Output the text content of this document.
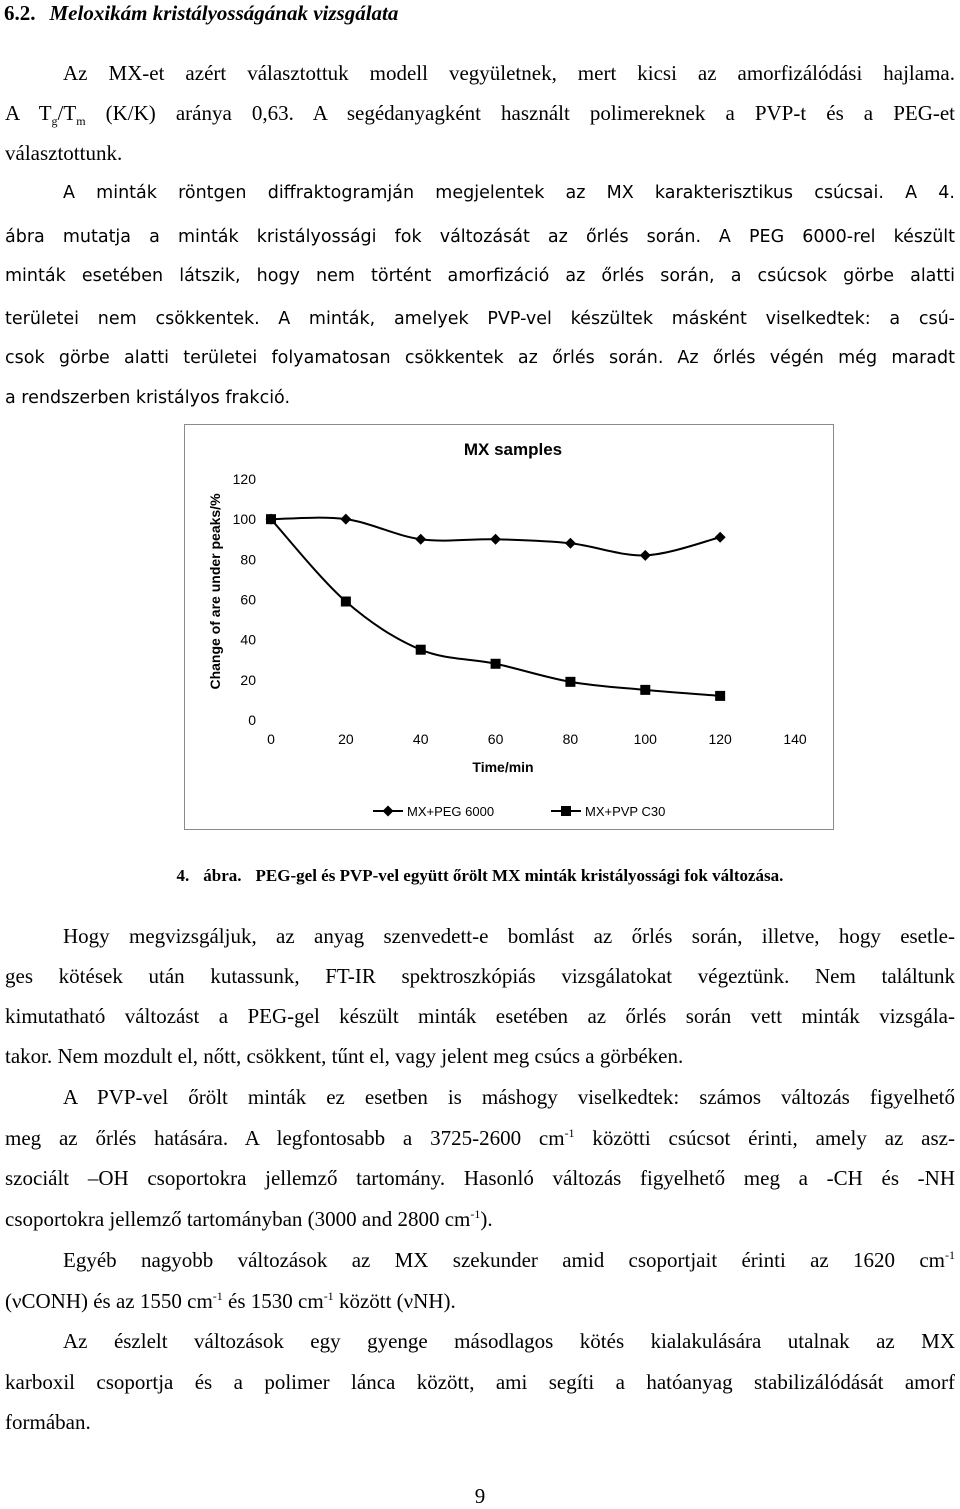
6.2. Meloxikám kristályosságának vizsgálata

Az MX-et azért választottuk modell vegyületnek, mert kicsi az amorfizálódási hajlama.

A $T_g/T_m$ (K/K) aránya 0,63. A segédanyagként használt polimereknek a PVP-t és a PEG-et

választottunk.

A minták röntgen diffraktogramján megjelentek az MX karakterisztikus csúcsai. A 4.

ábra mutatja a minták kristályossági fok változását az őrlés során. A PEG 6000-rel készült

minták esetében látszik, hogy nem történt amorfizáció az őrlés során, a csúcsok görbe alatti

területei nem csökkentek. A minták, amelyek PVP-vel készültek másként viselkedtek: a csú-

csok görbe alatti területei folyamatosan csökkentek az őrlés során. Az őrlés végén még maradt

a rendszerben kristályos frakció.

MX samples
0
20
40
60
80
100
120
0	20	40	60	80	100	120	140
Time/min
Change of are under peaks/%
MX+PEG 6000	MX+PVP C30
4. ábra. PEG-gel és PVP-vel együtt őrölt MX minták kristályossági fok változása.

Hogy megvizsgáljuk, az anyag szenvedett-e bomlást az őrlés során, illetve, hogy esetle-

ges kötések után kutassunk, FT-IR spektroszkópiás vizsgálatokat végeztünk. Nem találtunk

kimutatható változást a PEG-gel készült minták esetében az őrlés során vett minták vizsgála-

takor. Nem mozdult el, nőtt, csökkent, tűnt el, vagy jelent meg csúcs a görbéken.

A PVP-vel őrölt minták ez esetben is máshogy viselkedtek: számos változás figyelhető

meg az őrlés hatására. A legfontosabb a 3725-2600 $cm^{-1}$ közötti csúcsot érinti, amely az asz-

szociált –OH csoportokra jellemző tartomány. Hasonló változás figyelhető meg a -CH és -NH

csoportokra jellemző tartományban (3000 and 2800 $cm^{-1}$).

Egyéb nagyobb változások az MX szekunder amid csoportjait érinti az 1620 $cm^{-1}$

(νCONH) és az 1550 $cm^{-1}$ és 1530 $cm^{-1}$ között (νNH).

Az észlelt változások egy gyenge másodlagos kötés kialakulására utalnak az MX

karboxil csoportja és a polimer lánca között, ami segíti a hatóanyag stabilizálódását amorf

formában.

9
